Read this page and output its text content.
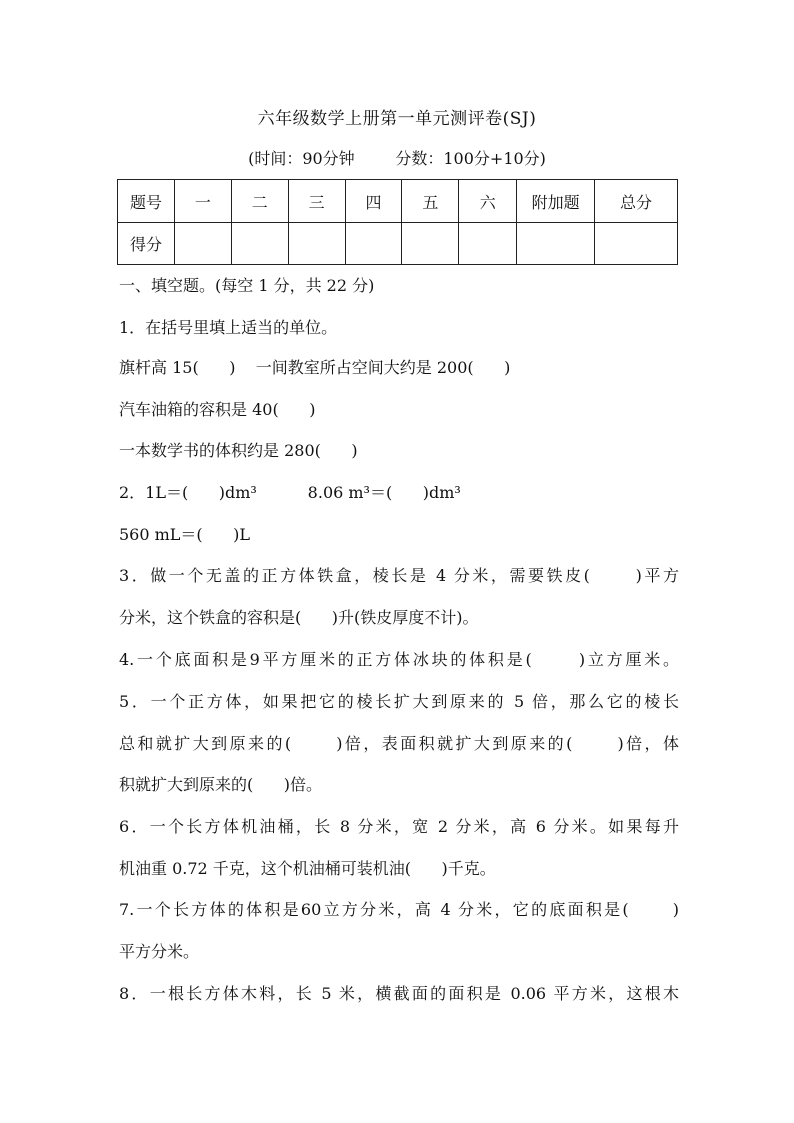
六年级数学上册第一单元测评卷(SJ)
(时间：90分钟        分数：100分+10分)
题号	一	二	三	四	五	六	附加题	总分
得分								
一、填空题。(每空 1 分，共 22 分)
1．在括号里填上适当的单位。
旗杆高 15(      )    一间教室所占空间大约是 200(      )
汽车油箱的容积是 40(      )
一本数学书的体积约是 280(      )
2．1L＝(      )dm³          8.06 m³＝(      )dm³
560 mL＝(      )L
3．做一个无盖的正方体铁盒，棱长是 4 分米，需要铁皮(      )平方
分米，这个铁盒的容积是(      )升(铁皮厚度不计)。
4.一个底面积是9平方厘米的正方体冰块的体积是(      )立方厘米。
5．一个正方体，如果把它的棱长扩大到原来的 5 倍，那么它的棱长
总和就扩大到原来的(      )倍，表面积就扩大到原来的(      )倍，体
积就扩大到原来的(      )倍。
6．一个长方体机油桶，长 8 分米，宽 2 分米，高 6 分米。如果每升
机油重 0.72 千克，这个机油桶可装机油(      )千克。
7.一个长方体的体积是60立方分米，高 4 分米，它的底面积是(      )
平方分米。
8．一根长方体木料，长 5 米，横截面的面积是 0.06 平方米，这根木
